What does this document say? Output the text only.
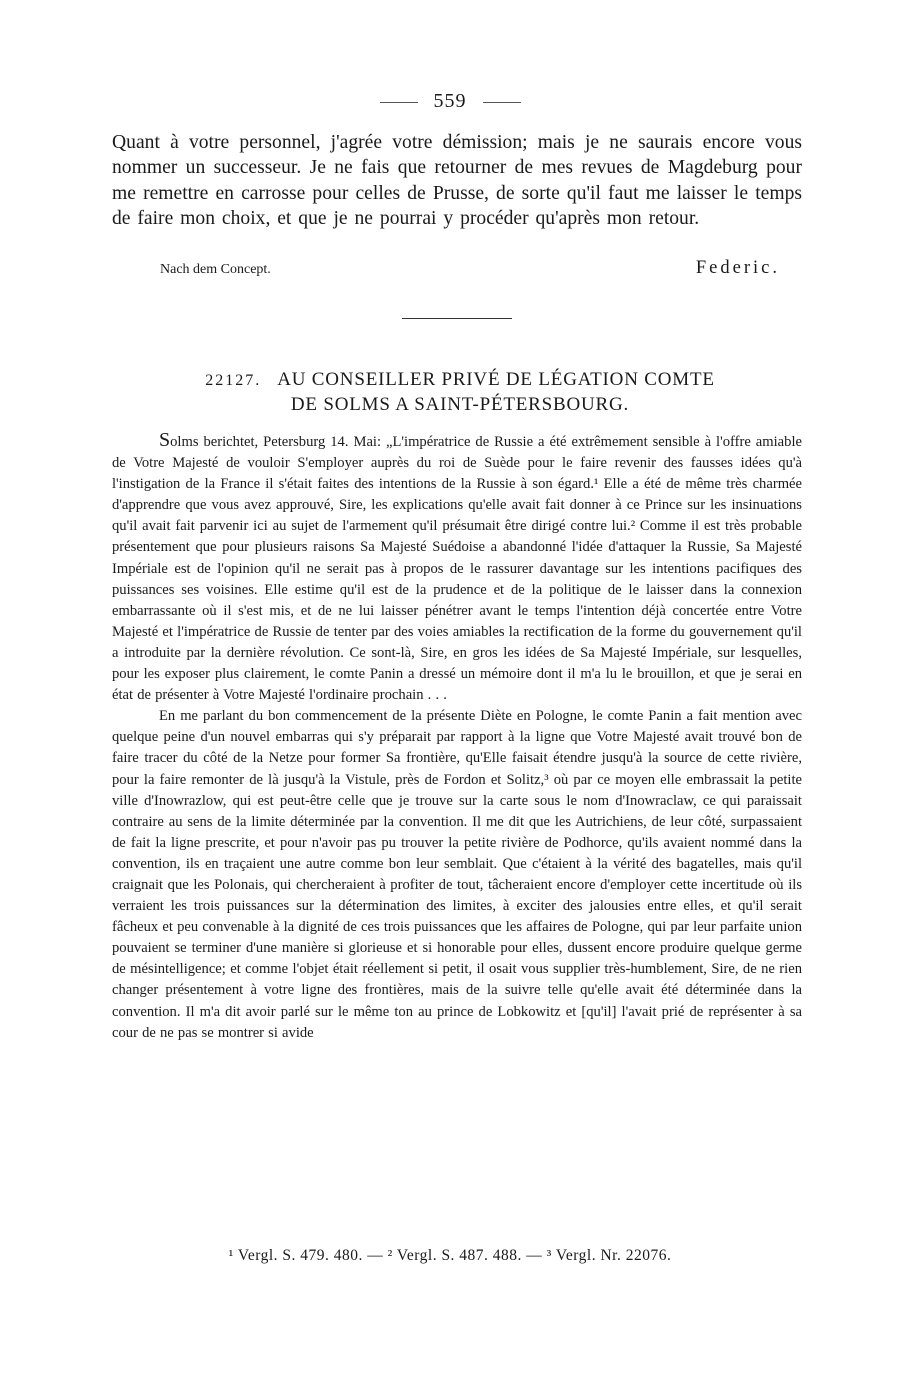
559
Quant à votre personnel, j'agrée votre démission; mais je ne saurais encore vous nommer un successeur. Je ne fais que retourner de mes revues de Magdeburg pour me remettre en carrosse pour celles de Prusse, de sorte qu'il faut me laisser le temps de faire mon choix, et que je ne pourrai y procéder qu'après mon retour.
Nach dem Concept.	Federic.
22127. AU CONSEILLER PRIVÉ DE LÉGATION COMTE
DE SOLMS A SAINT-PÉTERSBOURG.

Solms berichtet, Petersburg 14. Mai: „L'impératrice de Russie a été extrêmement sensible à l'offre amiable de Votre Majesté de vouloir S'employer auprès du roi de Suède pour le faire revenir des fausses idées qu'à l'instigation de la France il s'était faites des intentions de la Russie à son égard.¹ Elle a été de même très charmée d'apprendre que vous avez approuvé, Sire, les explications qu'elle avait fait donner à ce Prince sur les insinuations qu'il avait fait parvenir ici au sujet de l'armement qu'il présumait être dirigé contre lui.² Comme il est très probable présentement que pour plusieurs raisons Sa Majesté Suédoise a abandonné l'idée d'attaquer la Russie, Sa Majesté Impériale est de l'opinion qu'il ne serait pas à propos de le rassurer davantage sur les intentions pacifiques des puissances ses voisines. Elle estime qu'il est de la prudence et de la politique de le laisser dans la connexion embarrassante où il s'est mis, et de ne lui laisser pénétrer avant le temps l'intention déjà concertée entre Votre Majesté et l'impératrice de Russie de tenter par des voies amiables la rectification de la forme du gouvernement qu'il a introduite par la dernière révolution. Ce sont-là, Sire, en gros les idées de Sa Majesté Impériale, sur lesquelles, pour les exposer plus clairement, le comte Panin a dressé un mémoire dont il m'a lu le brouillon, et que je serai en état de présenter à Votre Majesté l'ordinaire prochain . . .

En me parlant du bon commencement de la présente Diète en Pologne, le comte Panin a fait mention avec quelque peine d'un nouvel embarras qui s'y préparait par rapport à la ligne que Votre Majesté avait trouvé bon de faire tracer du côté de la Netze pour former Sa frontière, qu'Elle faisait étendre jusqu'à la source de cette rivière, pour la faire remonter de là jusqu'à la Vistule, près de Fordon et Solitz,³ où par ce moyen elle embrassait la petite ville d'Inowrazlow, qui est peut-être celle que je trouve sur la carte sous le nom d'Inowraclaw, ce qui paraissait contraire au sens de la limite déterminée par la convention. Il me dit que les Autrichiens, de leur côté, surpassaient de fait la ligne prescrite, et pour n'avoir pas pu trouver la petite rivière de Podhorce, qu'ils avaient nommé dans la convention, ils en traçaient une autre comme bon leur semblait. Que c'étaient à la vérité des bagatelles, mais qu'il craignait que les Polonais, qui chercheraient à profiter de tout, tâcheraient encore d'employer cette incertitude où ils verraient les trois puissances sur la détermination des limites, à exciter des jalousies entre elles, et qu'il serait fâcheux et peu convenable à la dignité de ces trois puissances que les affaires de Pologne, qui par leur parfaite union pouvaient se terminer d'une manière si glorieuse et si honorable pour elles, dussent encore produire quelque germe de mésintelligence; et comme l'objet était réellement si petit, il osait vous supplier très-humblement, Sire, de ne rien changer présentement à votre ligne des frontières, mais de la suivre telle qu'elle avait été déterminée dans la convention. Il m'a dit avoir parlé sur le même ton au prince de Lobkowitz et [qu'il] l'avait prié de représenter à sa cour de ne pas se montrer si avide

¹ Vergl. S. 479. 480. — ² Vergl. S. 487. 488. — ³ Vergl. Nr. 22076.
